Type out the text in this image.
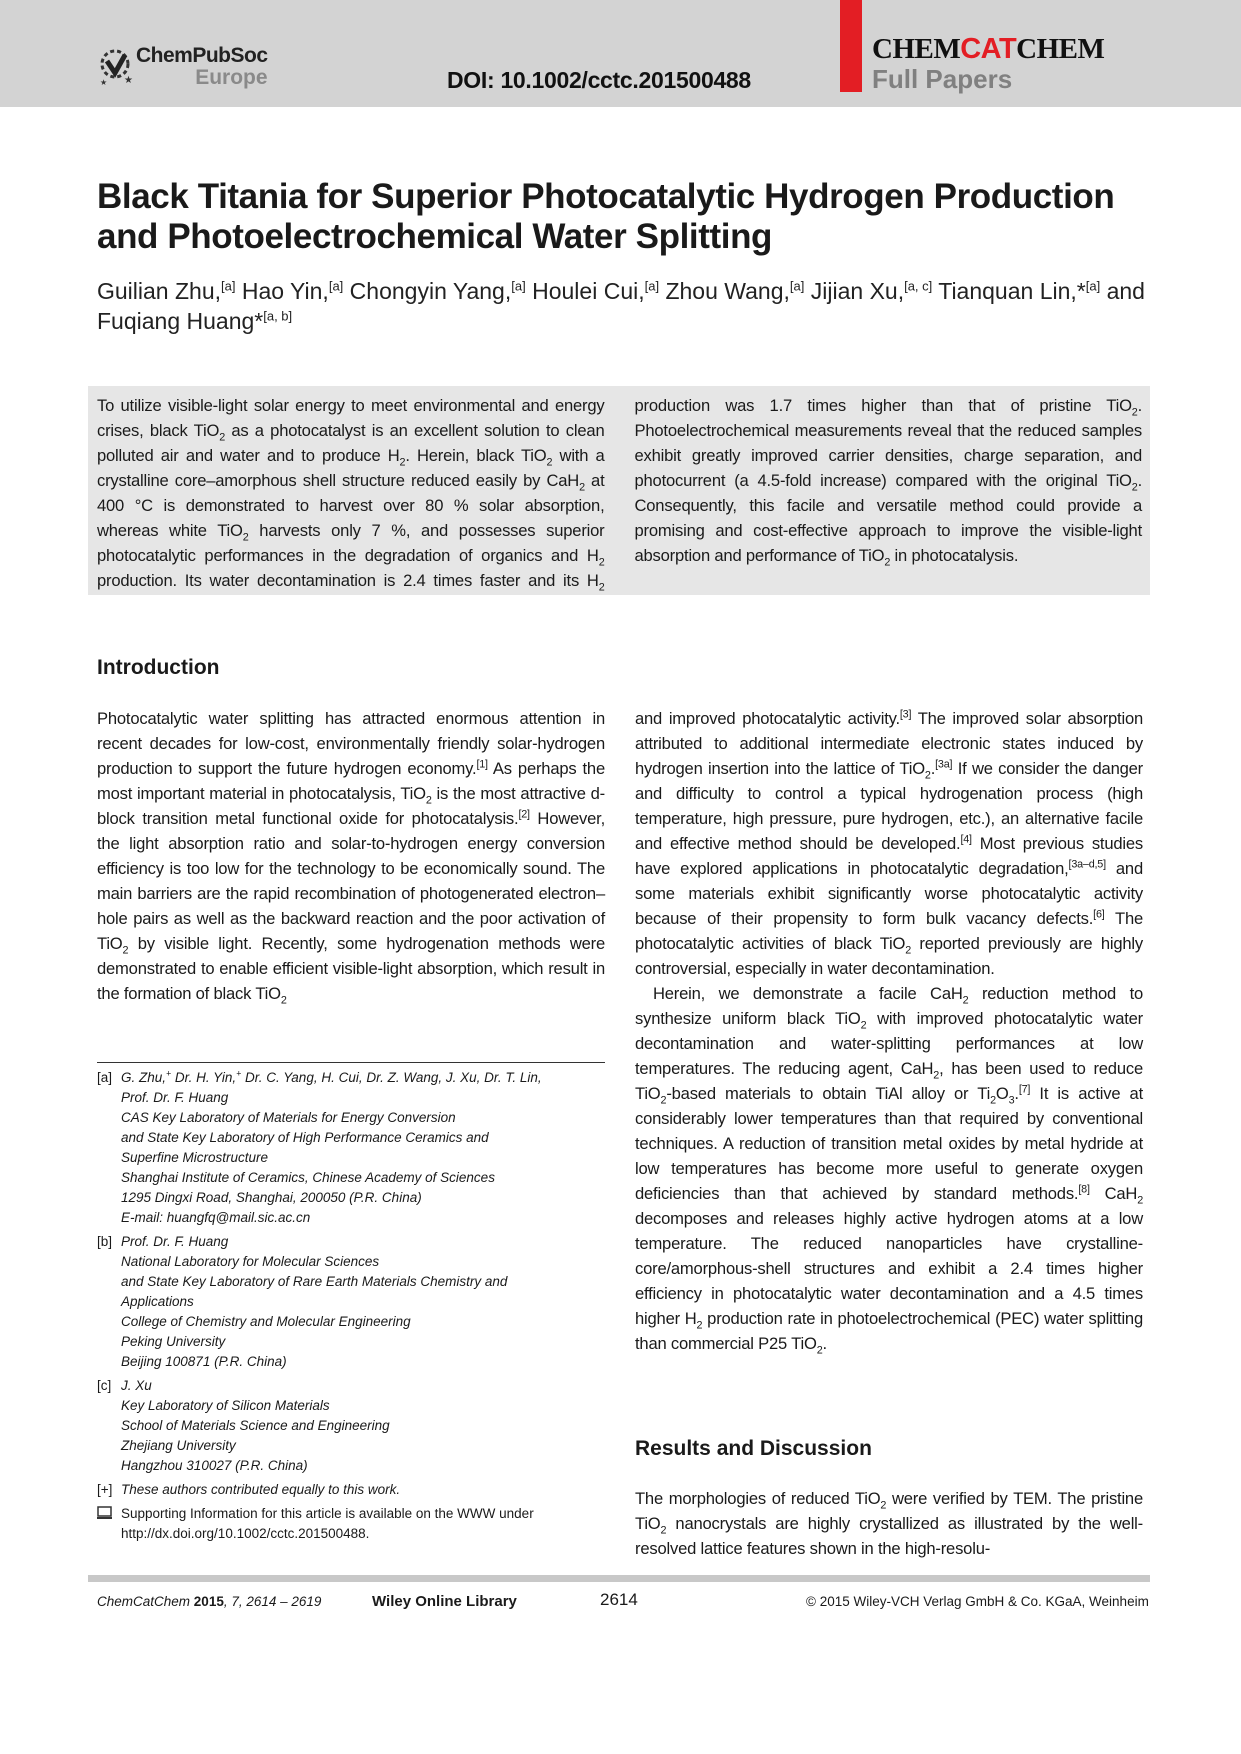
★
★
ChemPubSoc
Europe	DOI: 10.1002/cctc.201500488
CHEMCATCHEM
Full Papers
Black Titania for Superior Photocatalytic Hydrogen Production and Photoelectrochemical Water Splitting
Guilian Zhu,[a] Hao Yin,[a] Chongyin Yang,[a] Houlei Cui,[a] Zhou Wang,[a] Jijian Xu,[a, c] Tianquan Lin,*[a] and Fuqiang Huang*[a, b]
To utilize visible-light solar energy to meet environmental and energy crises, black TiO$_2$ as a photocatalyst is an excellent solution to clean polluted air and water and to produce $H_2$. Herein, black TiO$_2$ with a crystalline core–amorphous shell structure reduced easily by CaH$_2$ at 400 °C is demonstrated to harvest over 80 % solar absorption, whereas white TiO$_2$ harvests only 7 %, and possesses superior photocatalytic performances in the degradation of organics and $H_2$ production. Its water decontamination is 2.4 times faster and its $H_2$ production was 1.7 times higher than that of pristine TiO$_2$. Photoelectrochemical measurements reveal that the reduced samples exhibit greatly improved carrier densities, charge separation, and photocurrent (a 4.5-fold increase) compared with the original TiO$_2$. Consequently, this facile and versatile method could provide a promising and cost-effective approach to improve the visible-light absorption and performance of TiO$_2$ in photocatalysis.
Introduction

Photocatalytic water splitting has attracted enormous attention in recent decades for low-cost, environmentally friendly solar-hydrogen production to support the future hydrogen economy.[1] As perhaps the most important material in photocatalysis, TiO$_2$ is the most attractive d-block transition metal functional oxide for photocatalysis.[2] However, the light absorption ratio and solar-to-hydrogen energy conversion efficiency is too low for the technology to be economically sound. The main barriers are the rapid recombination of photogenerated electron–hole pairs as well as the backward reaction and the poor activation of TiO$_2$ by visible light. Recently, some hydrogenation methods were demonstrated to enable efficient visible-light absorption, which result in the formation of black TiO$_2$

and improved photocatalytic activity.[3] The improved solar absorption attributed to additional intermediate electronic states induced by hydrogen insertion into the lattice of TiO$_2$.[3a] If we consider the danger and difficulty to control a typical hydrogenation process (high temperature, high pressure, pure hydrogen, etc.), an alternative facile and effective method should be developed.[4] Most previous studies have explored applications in photocatalytic degradation,[3a–d,5] and some materials exhibit significantly worse photocatalytic activity because of their propensity to form bulk vacancy defects.[6] The photocatalytic activities of black TiO$_2$ reported previously are highly controversial, especially in water decontamination.

Herein, we demonstrate a facile CaH$_2$ reduction method to synthesize uniform black TiO$_2$ with improved photocatalytic water decontamination and water-splitting performances at low temperatures. The reducing agent, CaH$_2$, has been used to reduce TiO$_2$-based materials to obtain TiAl alloy or $Ti_2O_3.[7]$ It is active at considerably lower temperatures than that required by conventional techniques. A reduction of transition metal oxides by metal hydride at low temperatures has become more useful to generate oxygen deficiencies than that achieved by standard methods.[8] CaH$_2$ decomposes and releases highly active hydrogen atoms at a low temperature. The reduced nanoparticles have crystalline-core/amorphous-shell structures and exhibit a 2.4 times higher efficiency in photocatalytic water decontamination and a 4.5 times higher $H_2$ production rate in photoelectrochemical (PEC) water splitting than commercial P25 TiO$_2$.

[a] G. Zhu,+ Dr. H. Yin,+ Dr. C. Yang, H. Cui, Dr. Z. Wang, J. Xu, Dr. T. Lin,
Prof. Dr. F. Huang
CAS Key Laboratory of Materials for Energy Conversion
and State Key Laboratory of High Performance Ceramics and
Superfine Microstructure
Shanghai Institute of Ceramics, Chinese Academy of Sciences
1295 Dingxi Road, Shanghai, 200050 (P.R. China)
E-mail: huangfq@mail.sic.ac.cn
[b] Prof. Dr. F. Huang
National Laboratory for Molecular Sciences
and State Key Laboratory of Rare Earth Materials Chemistry and
Applications
College of Chemistry and Molecular Engineering
Peking University
Beijing 100871 (P.R. China)
[c] J. Xu
Key Laboratory of Silicon Materials
School of Materials Science and Engineering
Zhejiang University
Hangzhou 310027 (P.R. China)
[+] These authors contributed equally to this work.
Supporting Information for this article is available on the WWW under
http://dx.doi.org/10.1002/cctc.201500488.
Results and Discussion

The morphologies of reduced TiO$_2$ were verified by TEM. The pristine TiO$_2$ nanocrystals are highly crystallized as illustrated by the well-resolved lattice features shown in the high-resolu-

ChemCatChem 2015, 7, 2614 – 2619	Wiley Online Library	2614	© 2015 Wiley-VCH Verlag GmbH & Co. KGaA, Weinheim
